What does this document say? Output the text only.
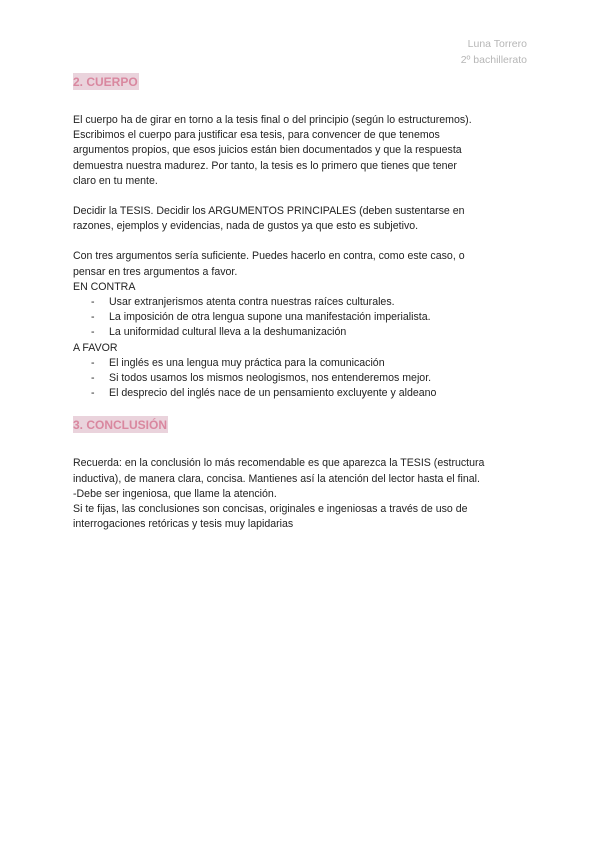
Luna Torrero
2º bachillerato
2. CUERPO

El cuerpo ha de girar en torno a la tesis final o del principio (según lo estructuremos).
Escribimos el cuerpo para justificar esa tesis, para convencer de que tenemos
argumentos propios, que esos juicios están bien documentados y que la respuesta
demuestra nuestra madurez. Por tanto, la tesis es lo primero que tienes que tener
claro en tu mente.

Decidir la TESIS. Decidir los ARGUMENTOS PRINCIPALES (deben sustentarse en
razones, ejemplos y evidencias, nada de gustos ya que esto es subjetivo.

Con tres argumentos sería suficiente. Puedes hacerlo en contra, como este caso, o
pensar en tres argumentos a favor.

EN CONTRA

- Usar extranjerismos atenta contra nuestras raíces culturales.
- La imposición de otra lengua supone una manifestación imperialista.
- La uniformidad cultural lleva a la deshumanización

A FAVOR

- El inglés es una lengua muy práctica para la comunicación
- Si todos usamos los mismos neologismos, nos entenderemos mejor.
- El desprecio del inglés nace de un pensamiento excluyente y aldeano
3. CONCLUSIÓN

Recuerda: en la conclusión lo más recomendable es que aparezca la TESIS (estructura
inductiva), de manera clara, concisa. Mantienes así la atención del lector hasta el final.
-Debe ser ingeniosa, que llame la atención.
Si te fijas, las conclusiones son concisas, originales e ingeniosas a través de uso de
interrogaciones retóricas y tesis muy lapidarias
